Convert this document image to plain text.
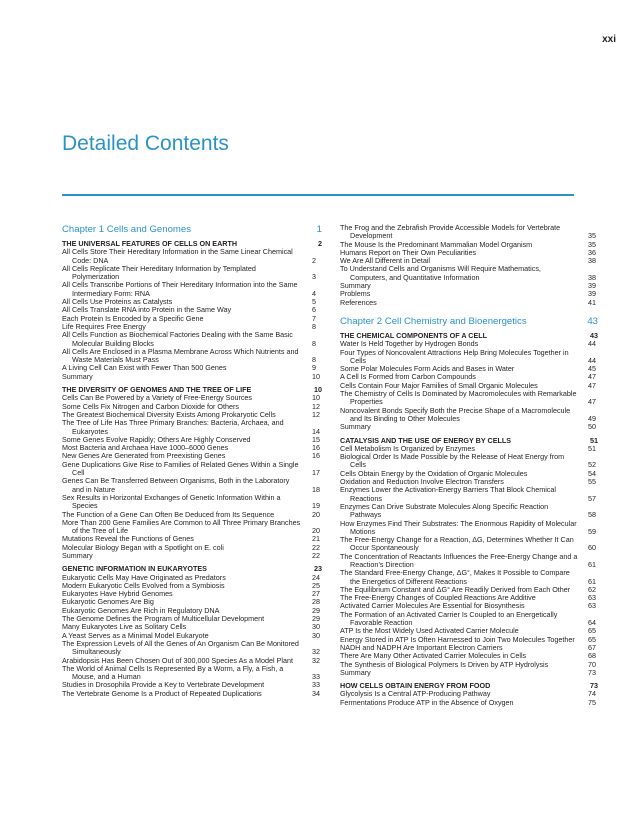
xxi
Detailed Contents
Chapter 1 Cells and Genomes	1
THE UNIVERSAL FEATURES OF CELLS ON EARTH	2
All Cells Store Their Hereditary Information in the Same Linear Chemical Code: DNA	2
All Cells Replicate Their Hereditary Information by Templated Polymerization	3
All Cells Transcribe Portions of Their Hereditary Information into the Same Intermediary Form: RNA	4
All Cells Use Proteins as Catalysts	5
All Cells Translate RNA into Protein in the Same Way	6
Each Protein Is Encoded by a Specific Gene	7
Life Requires Free Energy	8
All Cells Function as Biochemical Factories Dealing with the Same Basic Molecular Building Blocks	8
All Cells Are Enclosed in a Plasma Membrane Across Which Nutrients and Waste Materials Must Pass	8
A Living Cell Can Exist with Fewer Than 500 Genes	9
Summary	10
THE DIVERSITY OF GENOMES AND THE TREE OF LIFE	10
Cells Can Be Powered by a Variety of Free-Energy Sources	10
Some Cells Fix Nitrogen and Carbon Dioxide for Others	12
The Greatest Biochemical Diversity Exists Among Prokaryotic Cells	12
The Tree of Life Has Three Primary Branches: Bacteria, Archaea, and Eukaryotes	14
Some Genes Evolve Rapidly; Others Are Highly Conserved	15
Most Bacteria and Archaea Have 1000–6000 Genes	16
New Genes Are Generated from Preexisting Genes	16
Gene Duplications Give Rise to Families of Related Genes Within a Single Cell	17
Genes Can Be Transferred Between Organisms, Both in the Laboratory and in Nature	18
Sex Results in Horizontal Exchanges of Genetic Information Within a Species	19
The Function of a Gene Can Often Be Deduced from Its Sequence	20
More Than 200 Gene Families Are Common to All Three Primary Branches of the Tree of Life	20
Mutations Reveal the Functions of Genes	21
Molecular Biology Began with a Spotlight on E. coli	22
Summary	22
GENETIC INFORMATION IN EUKARYOTES	23
Eukaryotic Cells May Have Originated as Predators	24
Modern Eukaryotic Cells Evolved from a Symbiosis	25
Eukaryotes Have Hybrid Genomes	27
Eukaryotic Genomes Are Big	28
Eukaryotic Genomes Are Rich in Regulatory DNA	29
The Genome Defines the Program of Multicellular Development	29
Many Eukaryotes Live as Solitary Cells	30
A Yeast Serves as a Minimal Model Eukaryote	30
The Expression Levels of All the Genes of An Organism Can Be Monitored Simultaneously	32
Arabidopsis Has Been Chosen Out of 300,000 Species As a Model Plant	32
The World of Animal Cells Is Represented By a Worm, a Fly, a Fish, a Mouse, and a Human	33
Studies in Drosophila Provide a Key to Vertebrate Development	33
The Vertebrate Genome Is a Product of Repeated Duplications	34
The Frog and the Zebrafish Provide Accessible Models for Vertebrate Development	35
The Mouse Is the Predominant Mammalian Model Organism	35
Humans Report on Their Own Peculiarities	36
We Are All Different in Detail	38
To Understand Cells and Organisms Will Require Mathematics, Computers, and Quantitative Information	38
Summary	39
Problems	39
References	41
Chapter 2 Cell Chemistry and Bioenergetics	43
THE CHEMICAL COMPONENTS OF A CELL	43
Water Is Held Together by Hydrogen Bonds	44
Four Types of Noncovalent Attractions Help Bring Molecules Together in Cells	44
Some Polar Molecules Form Acids and Bases in Water	45
A Cell Is Formed from Carbon Compounds	47
Cells Contain Four Major Families of Small Organic Molecules	47
The Chemistry of Cells Is Dominated by Macromolecules with Remarkable Properties	47
Noncovalent Bonds Specify Both the Precise Shape of a Macromolecule and Its Binding to Other Molecules	49
Summary	50
CATALYSIS AND THE USE OF ENERGY BY CELLS	51
Cell Metabolism Is Organized by Enzymes	51
Biological Order Is Made Possible by the Release of Heat Energy from Cells	52
Cells Obtain Energy by the Oxidation of Organic Molecules	54
Oxidation and Reduction Involve Electron Transfers	55
Enzymes Lower the Activation-Energy Barriers That Block Chemical Reactions	57
Enzymes Can Drive Substrate Molecules Along Specific Reaction Pathways	58
How Enzymes Find Their Substrates: The Enormous Rapidity of Molecular Motions	59
The Free-Energy Change for a Reaction, ΔG, Determines Whether It Can Occur Spontaneously	60
The Concentration of Reactants Influences the Free-Energy Change and a Reaction’s Direction	61
The Standard Free-Energy Change, ΔG°, Makes It Possible to Compare the Energetics of Different Reactions	61
The Equilibrium Constant and ΔG° Are Readily Derived from Each Other 62
The Free-Energy Changes of Coupled Reactions Are Additive	63
Activated Carrier Molecules Are Essential for Biosynthesis	63
The Formation of an Activated Carrier Is Coupled to an Energetically Favorable Reaction	64
ATP Is the Most Widely Used Activated Carrier Molecule	65
Energy Stored in ATP Is Often Harnessed to Join Two Molecules Together 65
NADH and NADPH Are Important Electron Carriers	67
There Are Many Other Activated Carrier Molecules in Cells	68
The Synthesis of Biological Polymers Is Driven by ATP Hydrolysis	70
Summary	73
HOW CELLS OBTAIN ENERGY FROM FOOD	73
Glycolysis Is a Central ATP-Producing Pathway	74
Fermentations Produce ATP in the Absence of Oxygen	75
